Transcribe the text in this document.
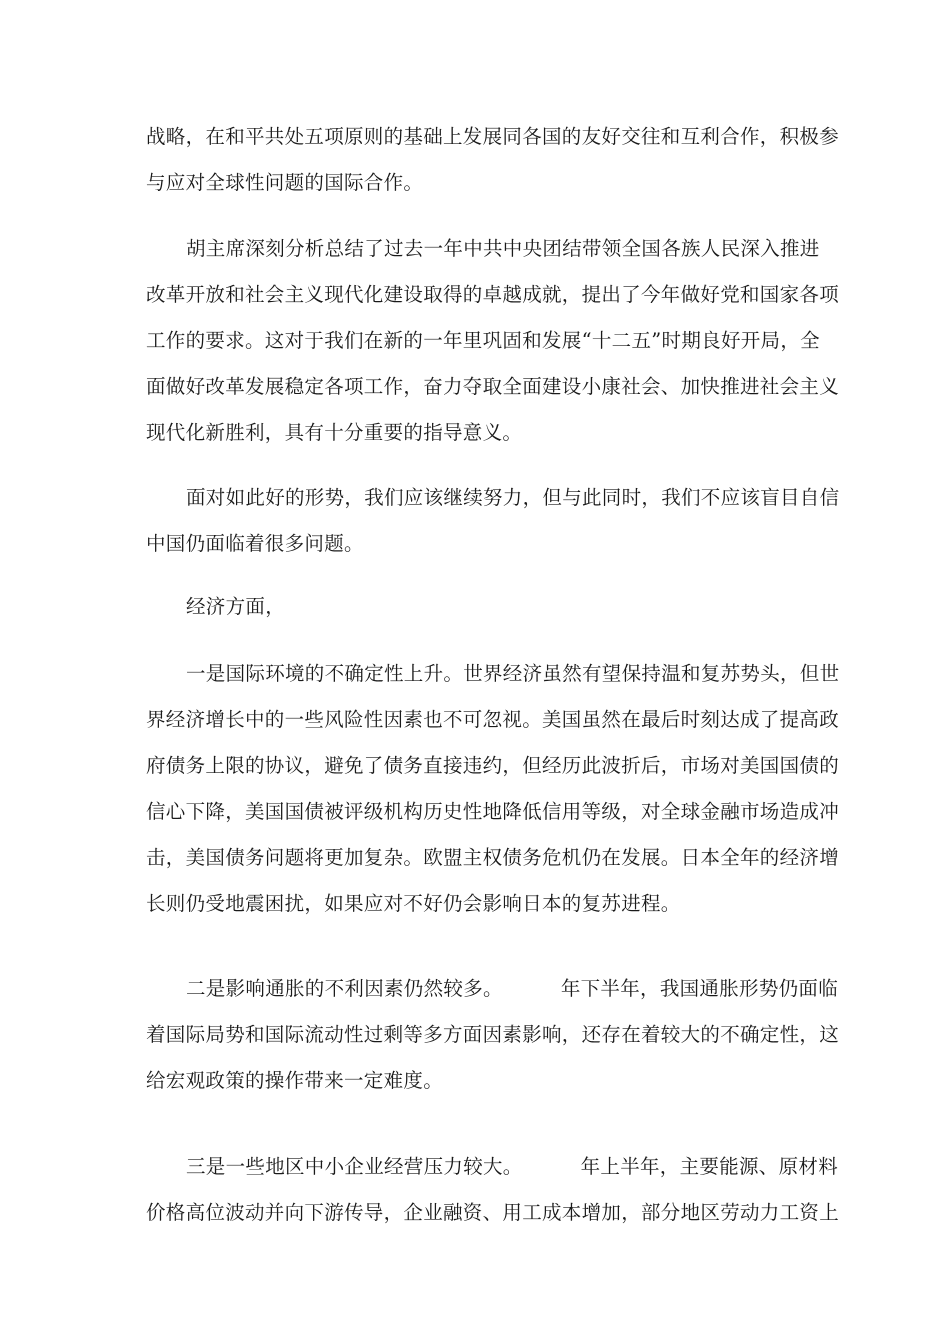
战略，在和平共处五项原则的基础上发展同各国的友好交往和互利合作，积极参
与应对全球性问题的国际合作。
胡主席深刻分析总结了过去一年中共中央团结带领全国各族人民深入推进
改革开放和社会主义现代化建设取得的卓越成就，提出了今年做好党和国家各项
工作的要求。这对于我们在新的一年里巩固和发展“十二五”时期良好开局，全
面做好改革发展稳定各项工作，奋力夺取全面建设小康社会、加快推进社会主义
现代化新胜利，具有十分重要的指导意义。
面对如此好的形势，我们应该继续努力，但与此同时，我们不应该盲目自信
中国仍面临着很多问题。
经济方面，
一是国际环境的不确定性上升。世界经济虽然有望保持温和复苏势头，但世
界经济增长中的一些风险性因素也不可忽视。美国虽然在最后时刻达成了提高政
府债务上限的协议，避免了债务直接违约，但经历此波折后，市场对美国国债的
信心下降，美国国债被评级机构历史性地降低信用等级，对全球金融市场造成冲
击，美国债务问题将更加复杂。欧盟主权债务危机仍在发展。日本全年的经济增
长则仍受地震困扰，如果应对不好仍会影响日本的复苏进程。
二是影响通胀的不利因素仍然较多。	年下半年，我国通胀形势仍面临
着国际局势和国际流动性过剩等多方面因素影响，还存在着较大的不确定性，这
给宏观政策的操作带来一定难度。
三是一些地区中小企业经营压力较大。	年上半年，主要能源、原材料
价格高位波动并向下游传导，企业融资、用工成本增加，部分地区劳动力工资上
